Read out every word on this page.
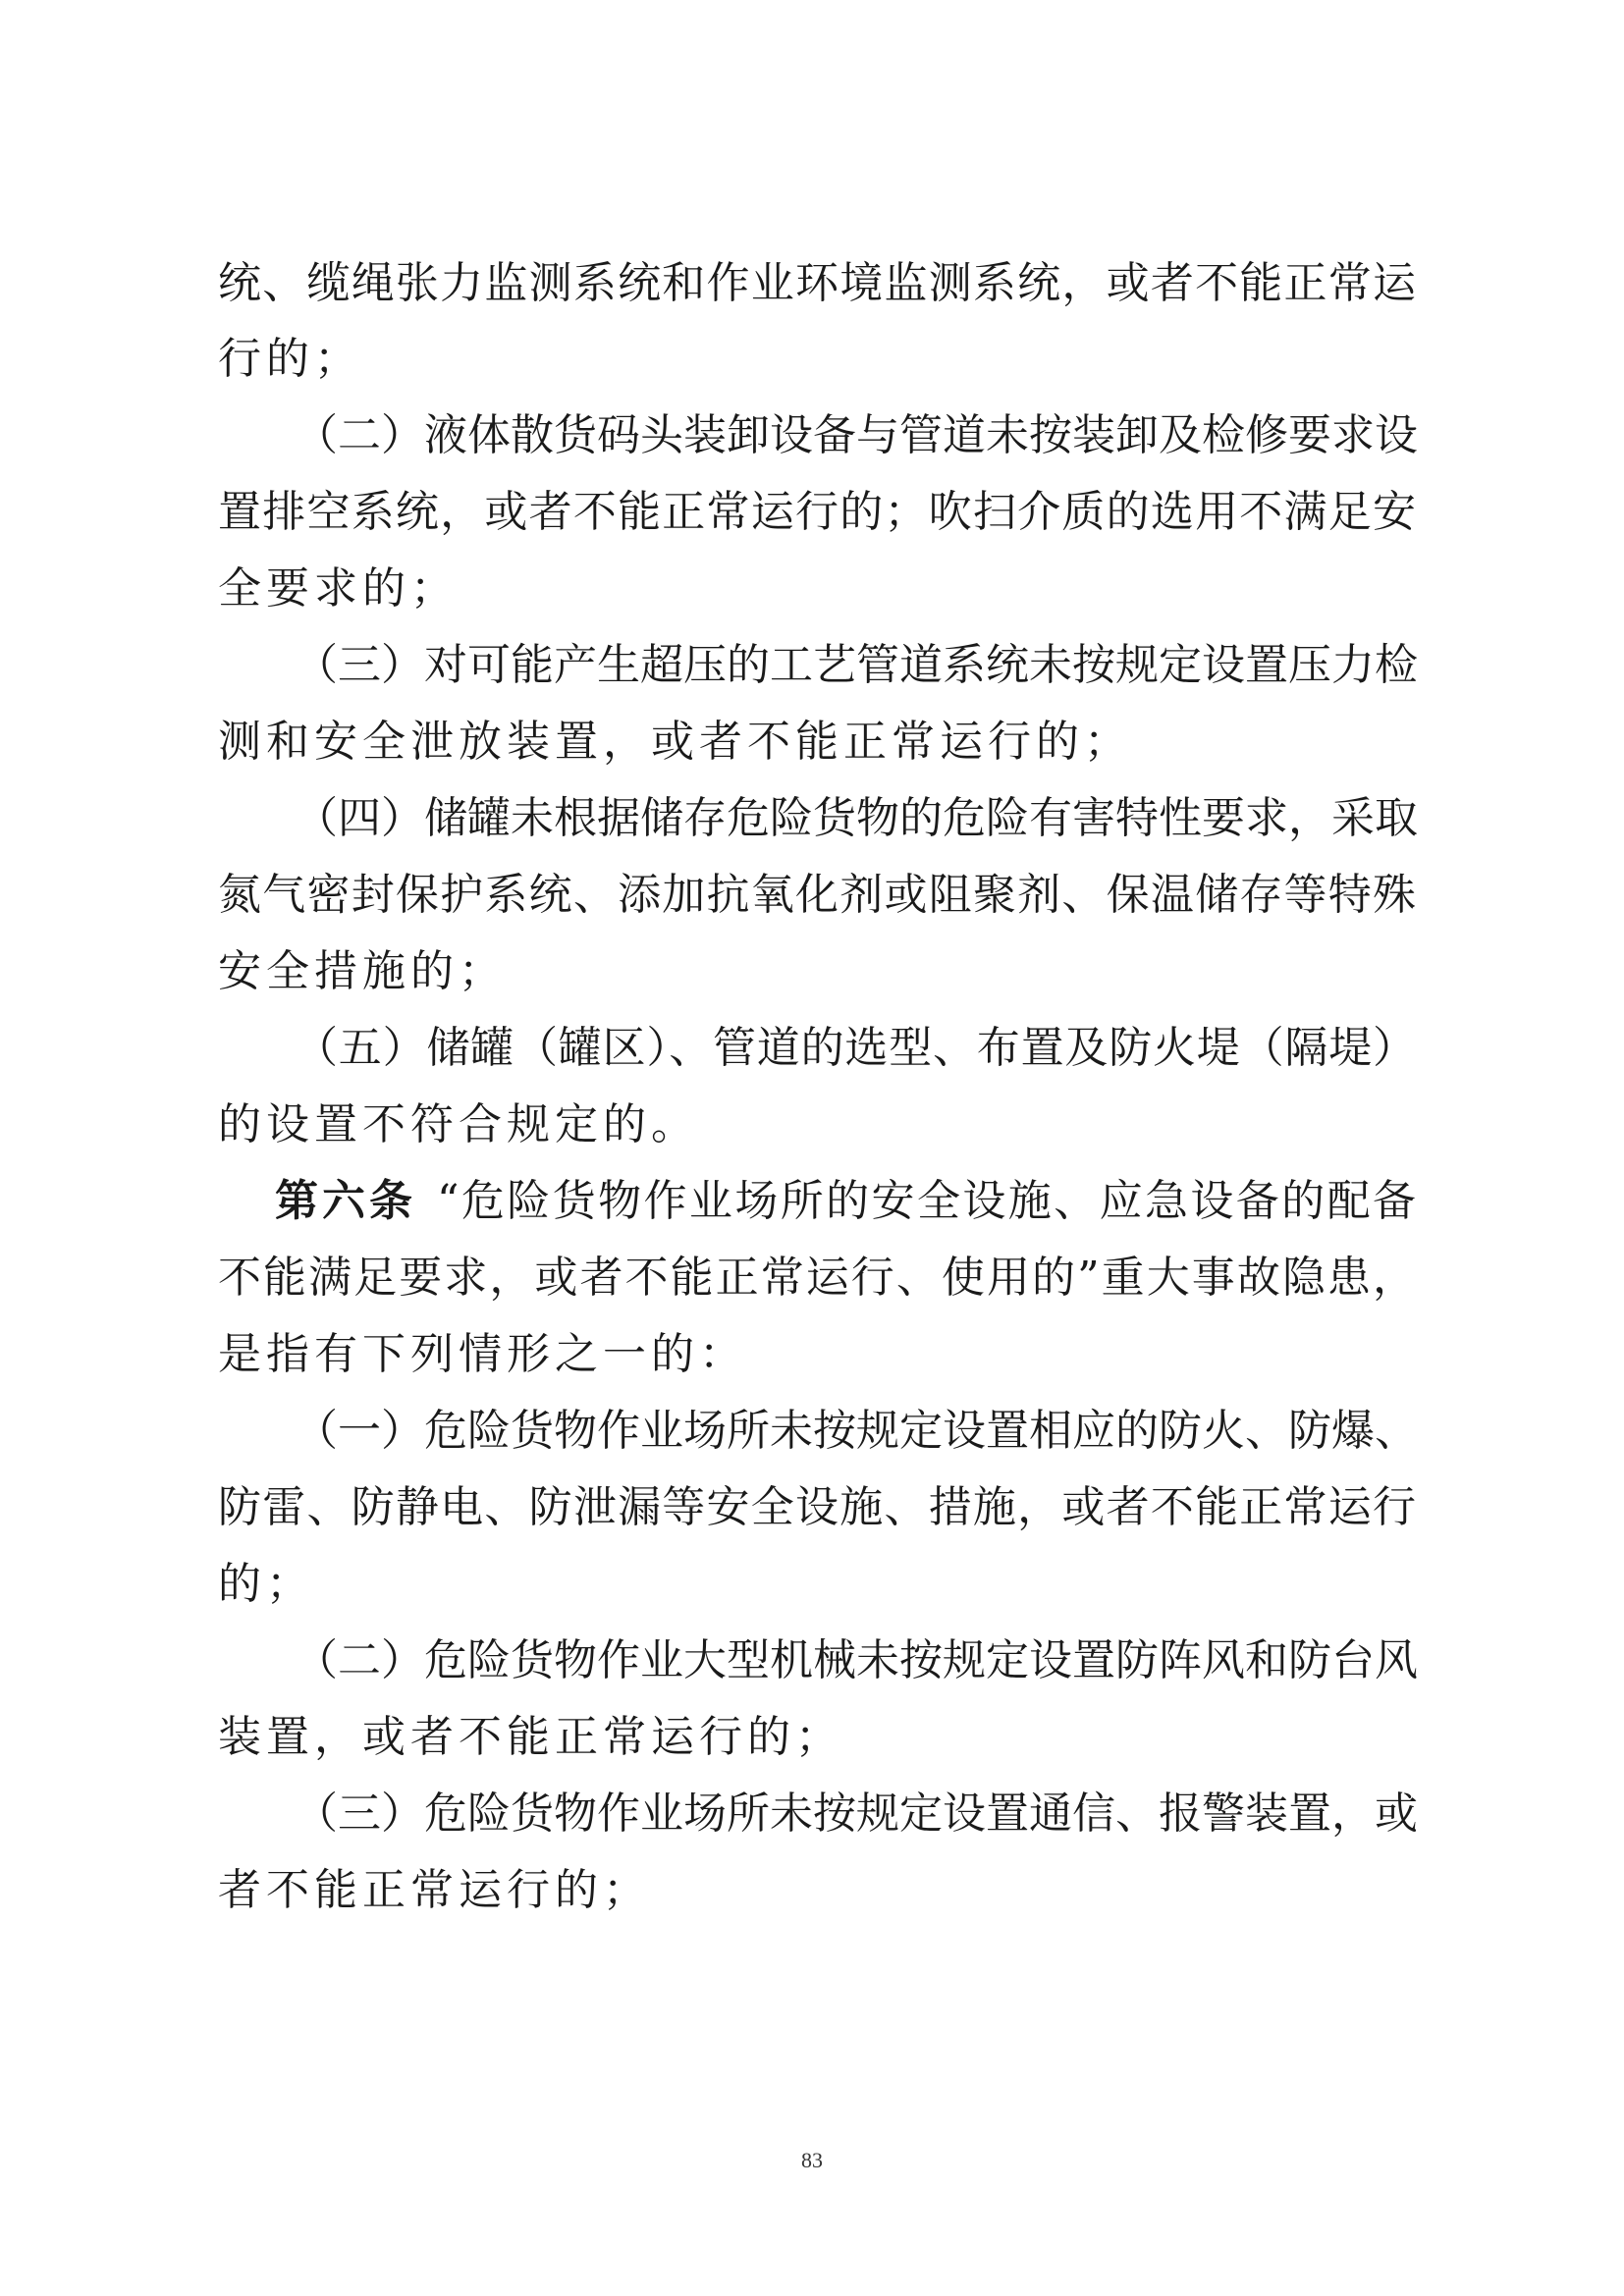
统、缆绳张力监测系统和作业环境监测系统，或者不能正常运
行的；
（二）液体散货码头装卸设备与管道未按装卸及检修要求设
置排空系统，或者不能正常运行的；吹扫介质的选用不满足安
全要求的；
（三）对可能产生超压的工艺管道系统未按规定设置压力检
测和安全泄放装置，或者不能正常运行的；
（四）储罐未根据储存危险货物的危险有害特性要求，采取
氮气密封保护系统、添加抗氧化剂或阻聚剂、保温储存等特殊
安全措施的；
（五）储罐（罐区）、管道的选型、布置及防火堤（隔堤）
的设置不符合规定的。
第六条 “危险货物作业场所的安全设施、应急设备的配备
不能满足要求，或者不能正常运行、使用的”重大事故隐患，
是指有下列情形之一的：
（一）危险货物作业场所未按规定设置相应的防火、防爆、
防雷、防静电、防泄漏等安全设施、措施，或者不能正常运行
的；
（二）危险货物作业大型机械未按规定设置防阵风和防台风
装置，或者不能正常运行的；
（三）危险货物作业场所未按规定设置通信、报警装置，或
者不能正常运行的；
83
